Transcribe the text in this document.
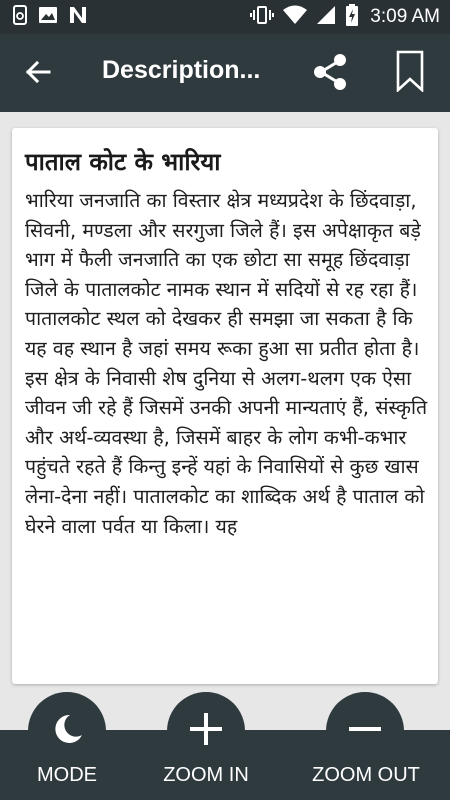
3:09 AM
Description...
पाताल कोट के भारिया

भारिया जनजाति का विस्तार क्षेत्र मध्यप्रदेश के छिंदवाड़ा, सिवनी, मण्डला और सरगुजा जिले हैं। इस अपेक्षाकृत बड़े भाग में फैली जनजाति का एक छोटा सा समूह छिंदवाड़ा जिले के पातालकोट नामक स्थान में सदियों से रह रहा हैं। पातालकोट स्थल को देखकर ही समझा जा सकता है कि यह वह स्थान है जहां समय रूका हुआ सा प्रतीत होता है। इस क्षेत्र के निवासी शेष दुनिया से अलग-थलग एक ऐसा जीवन जी रहे हैं जिसमें उनकी अपनी मान्यताएं हैं, संस्कृति और अर्थ-व्यवस्था है, जिसमें बाहर के लोग कभी-कभार पहुंचते रहते हैं किन्तु इन्हें यहां के निवासियों से कुछ खास लेना-देना नहीं। पातालकोट का शाब्दिक अर्थ है पाताल को घेरने वाला पर्वत या किला। यह

MODE	ZOOM IN	ZOOM OUT
